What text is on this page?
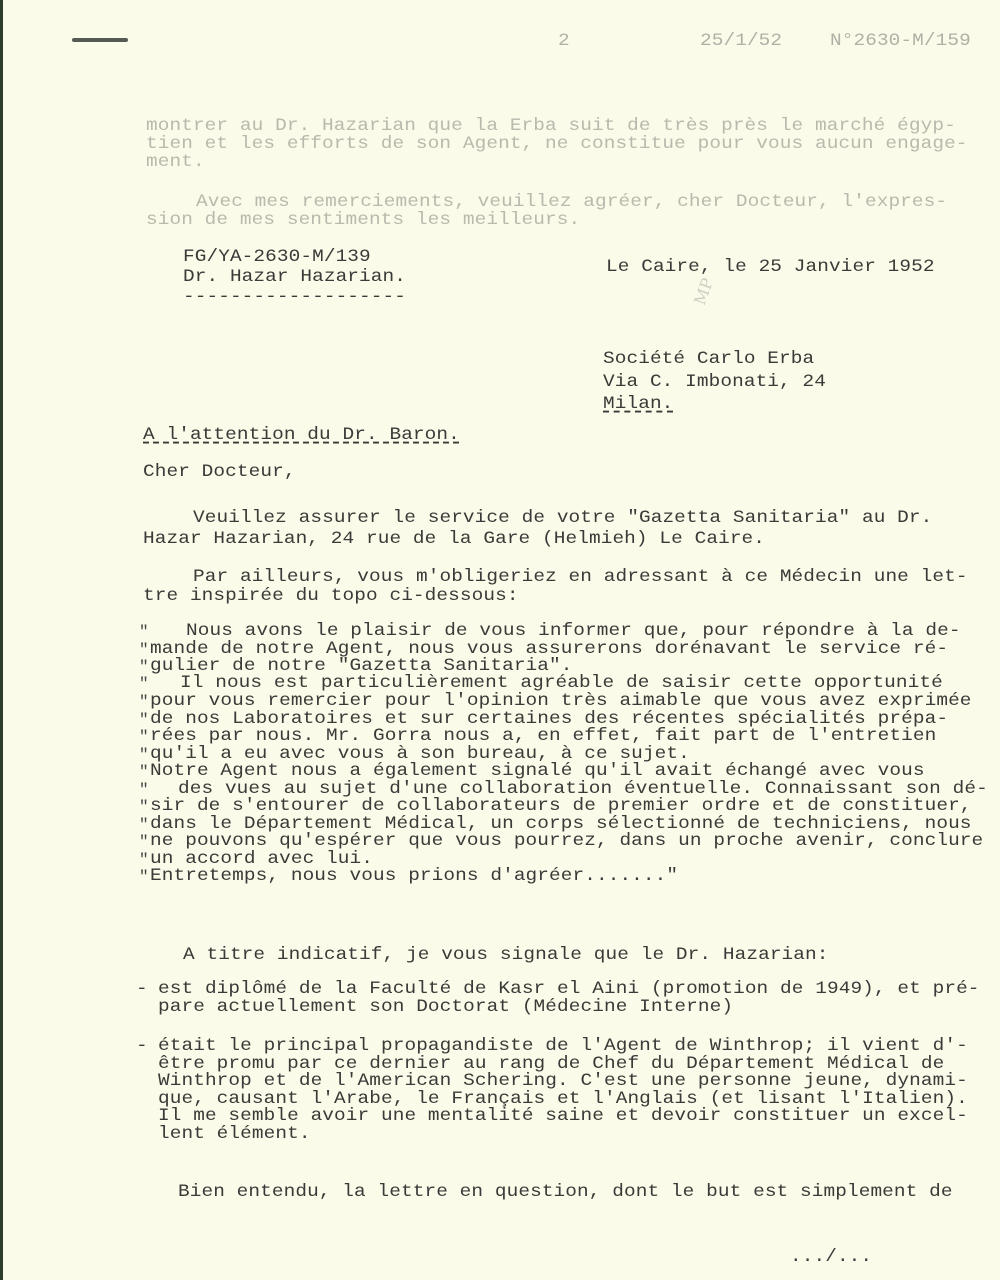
2	25/1/52 N°2630-M/159
montrer au Dr. Hazarian que la Erba suit de très près le marché égyp-
tien et les efforts de son Agent, ne constitue pour vous aucun engage-
ment.
Avec mes remerciements, veuillez agréer, cher Docteur, l'expres-
sion de mes sentiments les meilleurs.
FG/YA-2630-M/139
Dr. Hazar Hazarian.
-------------------
Le Caire, le 25 Janvier 1952
MP
Société Carlo Erba
Via C. Imbonati, 24
Milan.
A l'attention du Dr. Baron.
Cher Docteur,
Veuillez assurer le service de votre "Gazetta Sanitaria" au Dr.
Hazar Hazarian, 24 rue de la Gare (Helmieh) Le Caire.
Par ailleurs, vous m'obligeriez en adressant à ce Médecin une let-
tre inspirée du topo ci-dessous:
" Nous avons le plaisir de vous informer que, pour répondre à la de-
" mande de notre Agent, nous vous assurerons dorénavant le service ré-
" gulier de notre "Gazetta Sanitaria".
" Il nous est particulièrement agréable de saisir cette opportunité
" pour vous remercier pour l'opinion très aimable que vous avez exprimée
" de nos Laboratoires et sur certaines des récentes spécialités prépa-
" rées par nous. Mr. Gorra nous a, en effet, fait part de l'entretien
" qu'il a eu avec vous à son bureau, à ce sujet.
" Notre Agent nous a également signalé qu'il avait échangé avec vous
" des vues au sujet d'une collaboration éventuelle. Connaissant son dé-
" sir de s'entourer de collaborateurs de premier ordre et de constituer,
" dans le Département Médical, un corps sélectionné de techniciens, nous
" ne pouvons qu'espérer que vous pourrez, dans un proche avenir, conclure
" un accord avec lui.
" Entretemps, nous vous prions d'agréer......."
A titre indicatif, je vous signale que le Dr. Hazarian:
- est diplômé de la Faculté de Kasr el Aini (promotion de 1949), et pré-
pare actuellement son Doctorat (Médecine Interne)
- était le principal propagandiste de l'Agent de Winthrop; il vient d'-
être promu par ce dernier au rang de Chef du Département Médical de
Winthrop et de l'American Schering. C'est une personne jeune, dynami-
que, causant l'Arabe, le Français et l'Anglais (et lisant l'Italien).
Il me semble avoir une mentalité saine et devoir constituer un excel-
lent élément.
Bien entendu, la lettre en question, dont le but est simplement de
.../...
